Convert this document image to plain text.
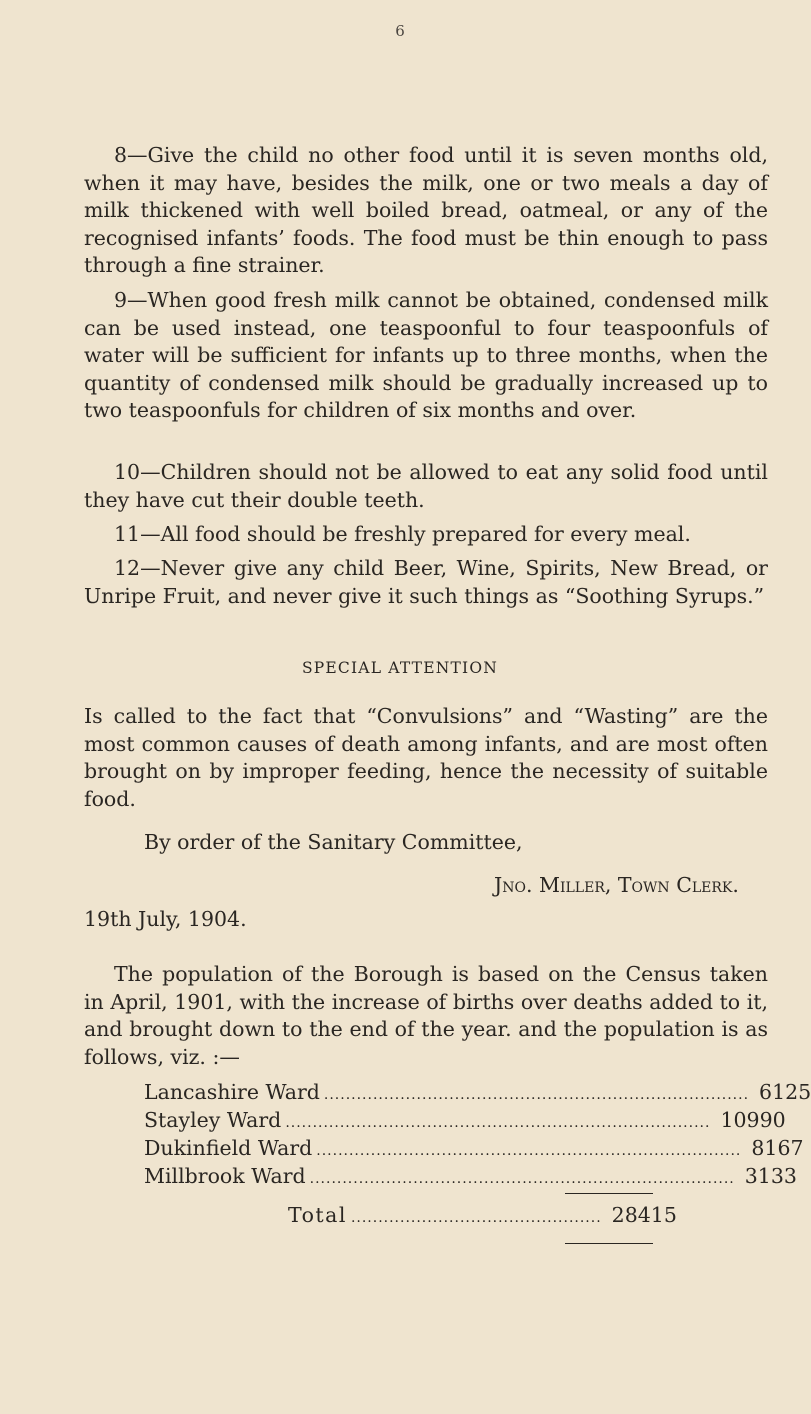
6

8—Give the child no other food until it is seven months old, when it may have, besides the milk, one or two meals a day of milk thickened with well boiled bread, oatmeal, or any of the recognised infants’ foods. The food must be thin enough to pass through a fine strainer.

9—When good fresh milk cannot be obtained, condensed milk can be used instead, one teaspoonful to four teaspoonfuls of water will be sufficient for infants up to three months, when the quantity of condensed milk should be gradually increased up to two teaspoonfuls for children of six months and over.

10—Children should not be allowed to eat any solid food until they have cut their double teeth.

11—All food should be freshly prepared for every meal.

12—Never give any child Beer, Wine, Spirits, New Bread, or Unripe Fruit, and never give it such things as “Soothing Syrups.”

SPECIAL ATTENTION

Is called to the fact that “Convulsions” and “Wasting” are the most common causes of death among infants, and are most often brought on by improper feeding, hence the necessity of suitable food.

By order of the Sanitary Committee,
Jno. Miller, Town Clerk.
19th July, 1904.

The population of the Borough is based on the Census taken in April, 1901, with the increase of births over deaths added to it, and brought down to the end of the year. and the population is as follows, viz. :—

Lancashire Ward .............................................................................. 6125
Stayley Ward .............................................................................. 10990
Dukinfield Ward .............................................................................. 8167
Millbrook Ward .............................................................................. 3133
Total .............................................. 28415
